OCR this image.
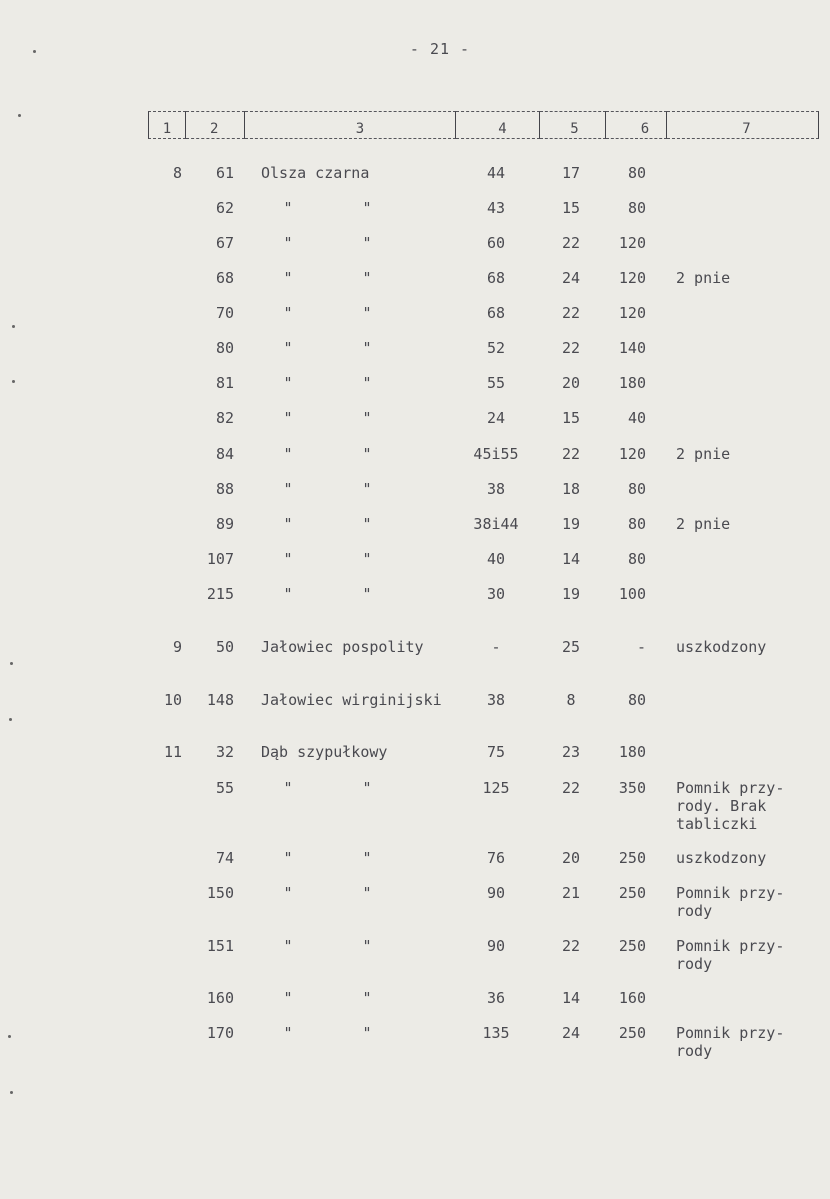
- 21 -
1	2	3	4	5	6	7
8	61 Olsza czarna	44	17	80
62	"	"	43	15	80
67	"	"	60	22	120
68	"	"	68	24	120 2 pnie
70	"	"	68	22	120
80	"	"	52	22	140
81	"	"	55	20	180
82	"	"	24	15	40
84	"	"	45i55	22	120 2 pnie
88	"	"	38	18	80
89	"	"	38i44	19	80 2 pnie
107	"	"	40	14	80
215	"	"	30	19	100
9	50 Jałowiec pospolity	-	25	- uszkodzony
10	148 Jałowiec wirginijski	38	8	80
11	32 Dąb szypułkowy	75	23	180
55	"	"	125	22	350 Pomnik przy-
rody. Brak
tabliczki
74	"	"	76	20	250 uszkodzony
150	"	"	90	21	250 Pomnik przy-
rody
151	"	"	90	22	250 Pomnik przy-
rody
160	"	"	36	14	160
170	"	"	135	24	250 Pomnik przy-
rody
